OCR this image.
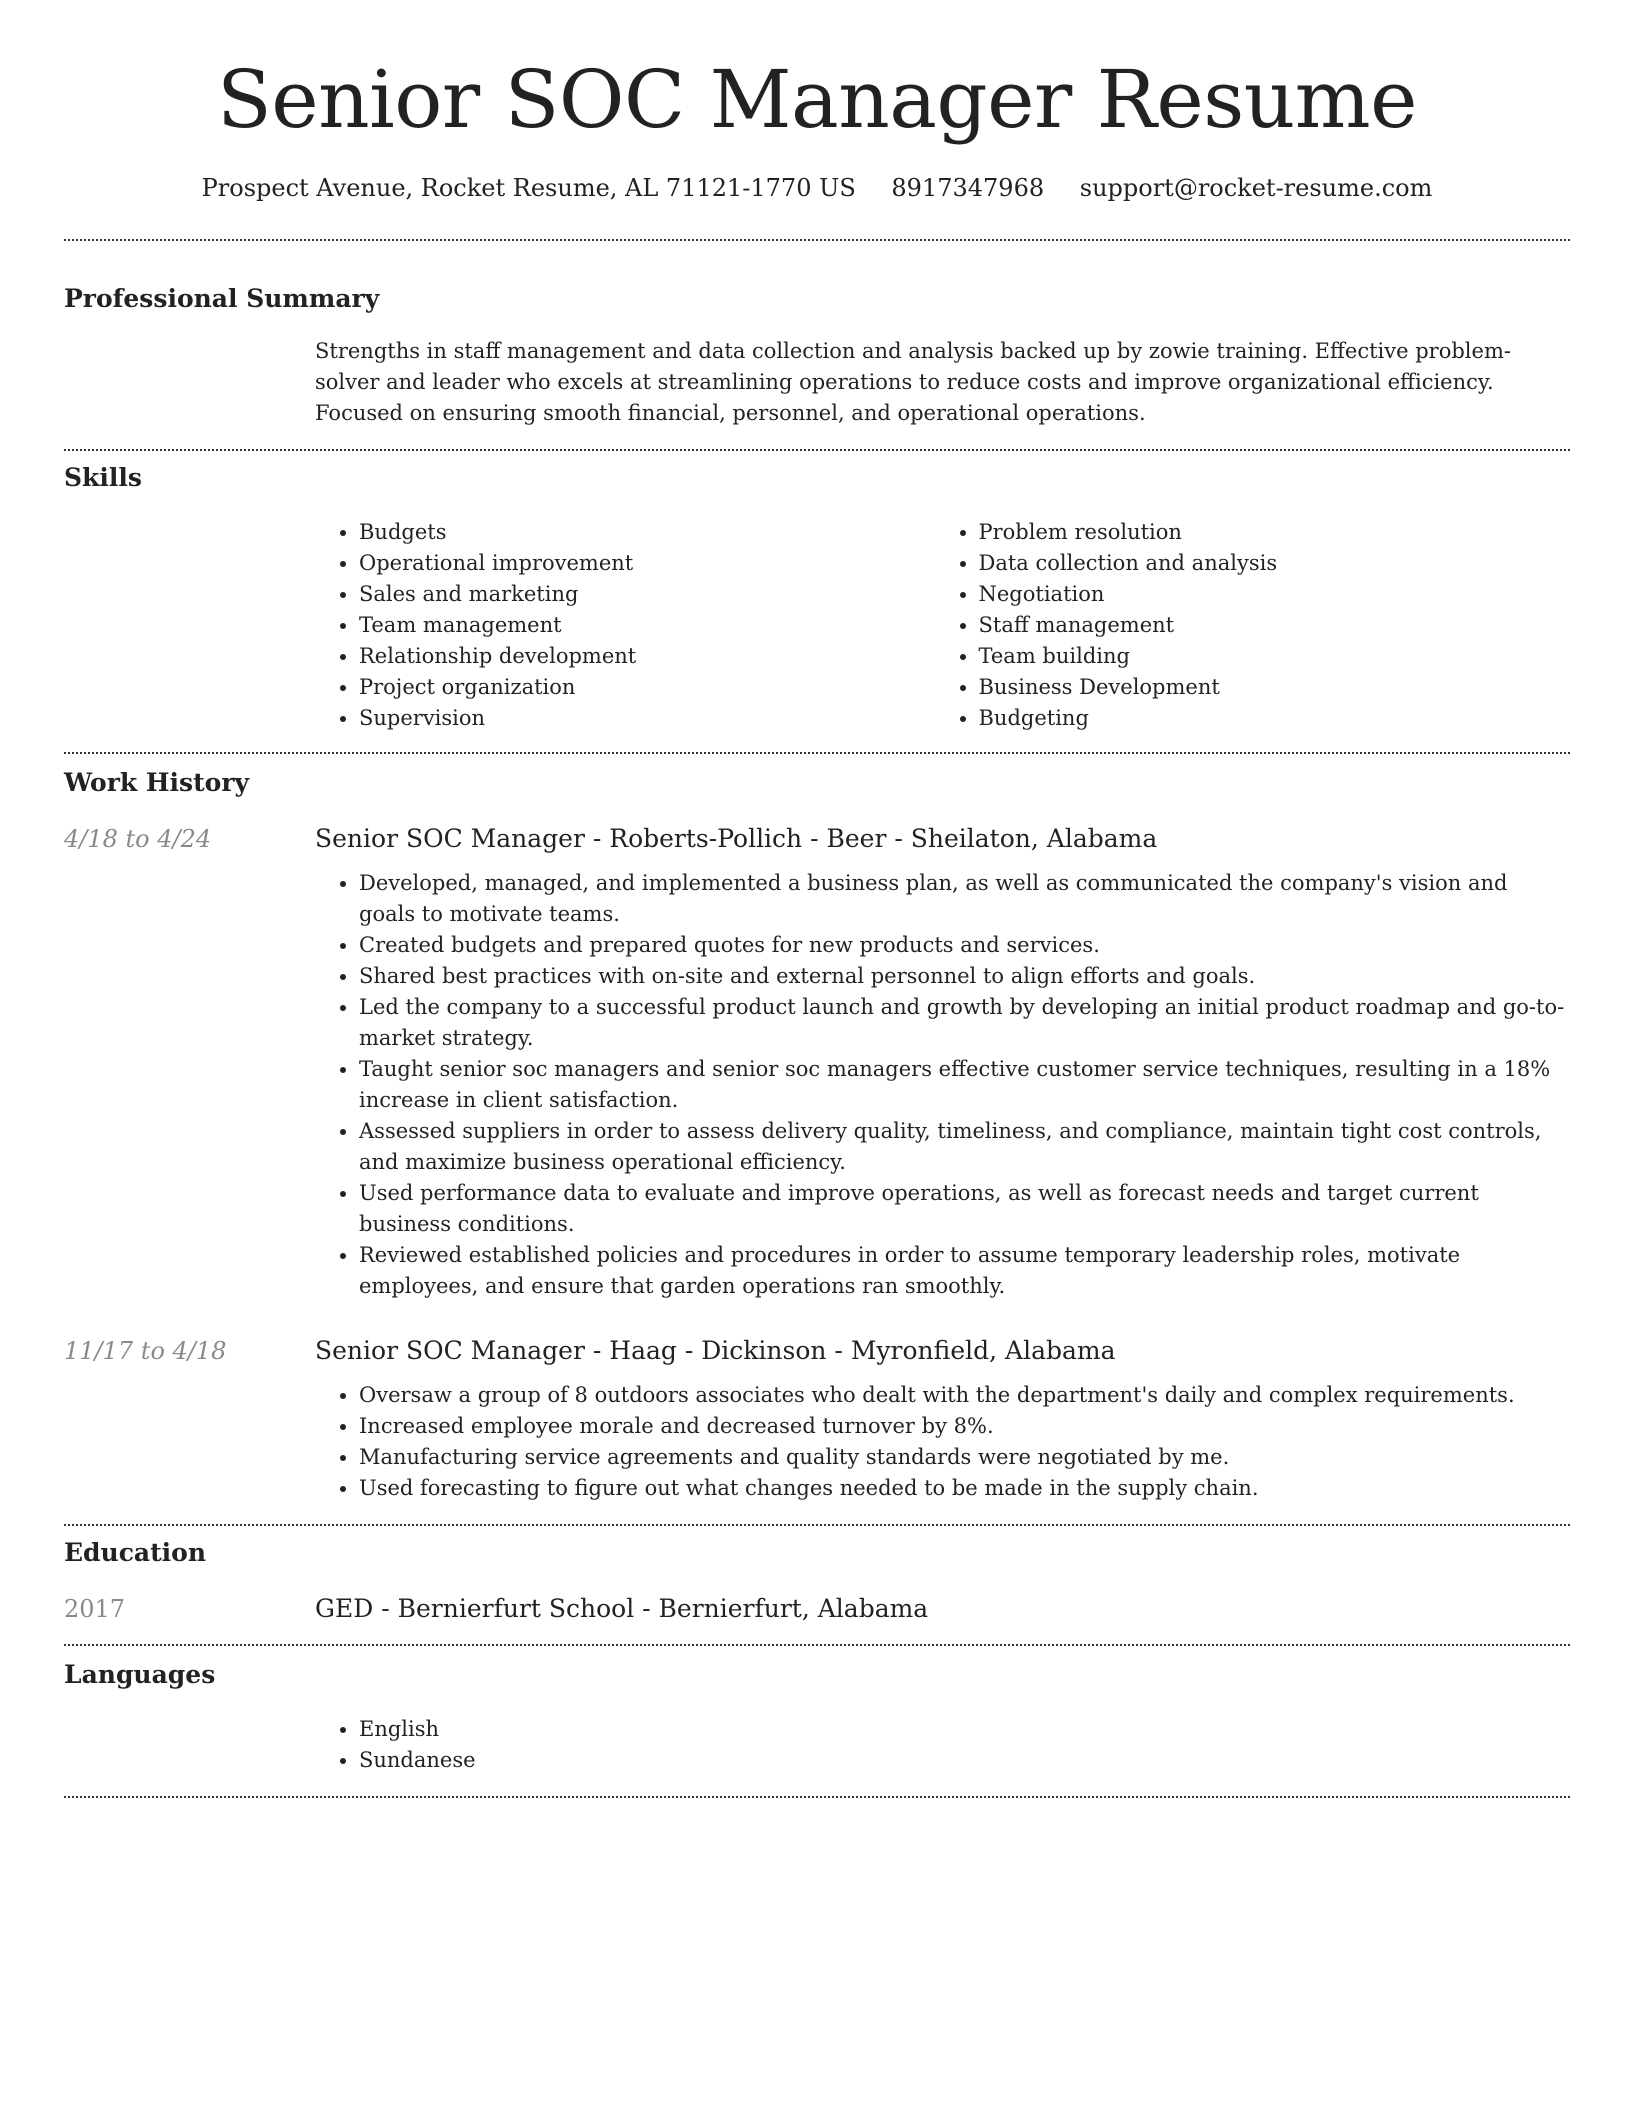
Senior SOC Manager Resume
Prospect Avenue, Rocket Resume, AL 71121-1770 US 8917347968 support@rocket-resume.com
Professional Summary

Strengths in staff management and data collection and analysis backed up by zowie training. Effective problem-solver and leader who excels at streamlining operations to reduce costs and improve organizational efficiency. Focused on ensuring smooth financial, personnel, and operational operations.

Skills
• Budgets
• Operational improvement
• Sales and marketing
• Team management
• Relationship development
• Project organization
• Supervision
• Problem resolution
• Data collection and analysis
• Negotiation
• Staff management
• Team building
• Business Development
• Budgeting
Work History
4/18 to 4/24	Senior SOC Manager - Roberts-Pollich - Beer - Sheilaton, Alabama
• Developed, managed, and implemented a business plan, as well as communicated the company's vision and goals to motivate teams.
• Created budgets and prepared quotes for new products and services.
• Shared best practices with on-site and external personnel to align efforts and goals.
• Led the company to a successful product launch and growth by developing an initial product roadmap and go-to-market strategy.
• Taught senior soc managers and senior soc managers effective customer service techniques, resulting in a 18% increase in client satisfaction.
• Assessed suppliers in order to assess delivery quality, timeliness, and compliance, maintain tight cost controls, and maximize business operational efficiency.
• Used performance data to evaluate and improve operations, as well as forecast needs and target current business conditions.
• Reviewed established policies and procedures in order to assume temporary leadership roles, motivate employees, and ensure that garden operations ran smoothly.
11/17 to 4/18	Senior SOC Manager - Haag - Dickinson - Myronfield, Alabama
• Oversaw a group of 8 outdoors associates who dealt with the department's daily and complex requirements.
• Increased employee morale and decreased turnover by 8%.
• Manufacturing service agreements and quality standards were negotiated by me.
• Used forecasting to figure out what changes needed to be made in the supply chain.
Education
2017	GED - Bernierfurt School - Bernierfurt, Alabama
Languages
• English
• Sundanese
